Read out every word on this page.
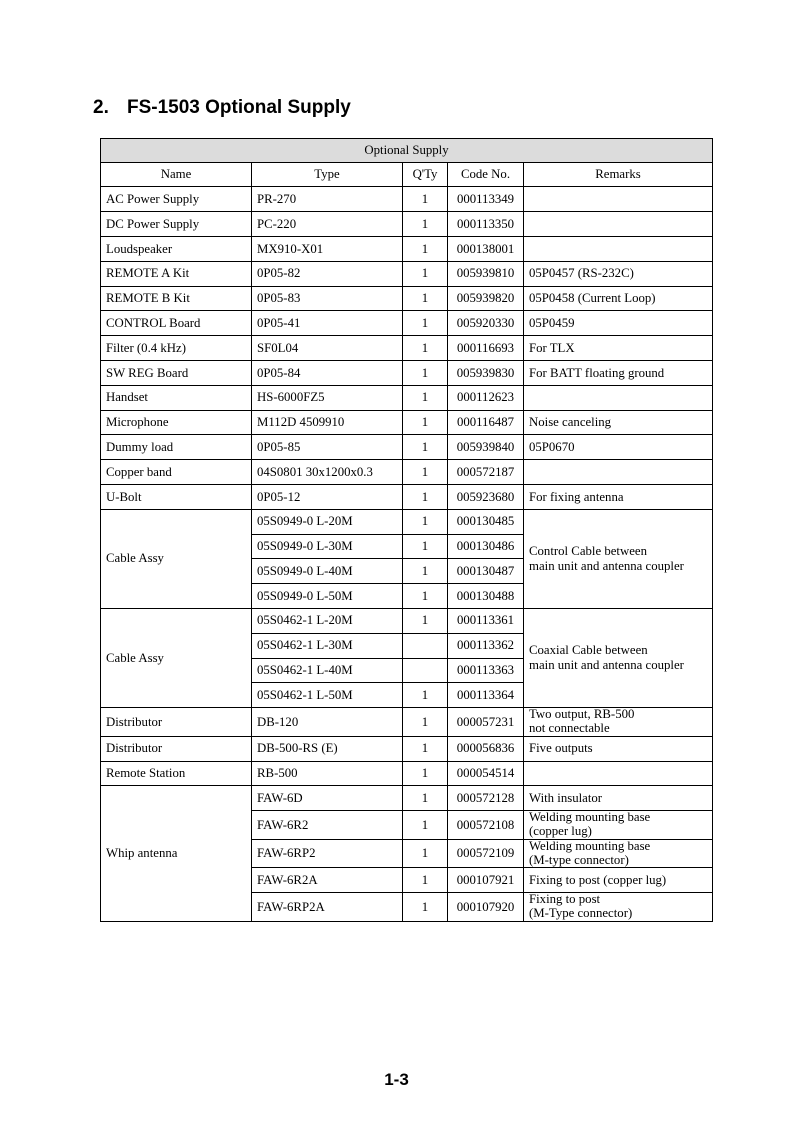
2. FS-1503 Optional Supply
Optional Supply				
Name	Type	Q'Ty	Code No.	Remarks
AC Power Supply	PR-270	1	000113349	
DC Power Supply	PC-220	1	000113350	
Loudspeaker	MX910-X01	1	000138001	
REMOTE A Kit	0P05-82	1	005939810	05P0457 (RS-232C)
REMOTE B Kit	0P05-83	1	005939820	05P0458 (Current Loop)
CONTROL Board	0P05-41	1	005920330	05P0459
Filter (0.4 kHz)	SF0L04	1	000116693	For TLX
SW REG Board	0P05-84	1	005939830	For BATT floating ground
Handset	HS-6000FZ5	1	000112623	
Microphone	M112D 4509910	1	000116487	Noise canceling
Dummy load	0P05-85	1	005939840	05P0670
Copper band	04S0801 30x1200x0.3	1	000572187	
U-Bolt	0P05-12	1	005923680	For fixing antenna
Cable Assy	05S0949-0 L-20M	1	000130485	Control Cable between
main unit and antenna coupler
	05S0949-0 L-30M	1	000130486	
	05S0949-0 L-40M	1	000130487	
	05S0949-0 L-50M	1	000130488	
Cable Assy	05S0462-1 L-20M	1	000113361	Coaxial Cable between
main unit and antenna coupler
	05S0462-1 L-30M		000113362	
	05S0462-1 L-40M		000113363	
	05S0462-1 L-50M	1	000113364	
Distributor	DB-120	1	000057231	Two output, RB-500
not connectable
Distributor	DB-500-RS (E)	1	000056836	Five outputs
Remote Station	RB-500	1	000054514	
Whip antenna	FAW-6D	1	000572128	With insulator
	FAW-6R2	1	000572108	Welding mounting base
(copper lug)
	FAW-6RP2	1	000572109	Welding mounting base
(M-type connector)
	FAW-6R2A	1	000107921	Fixing to post (copper lug)
	FAW-6RP2A	1	000107920	Fixing to post
(M-Type connector)
1-3
